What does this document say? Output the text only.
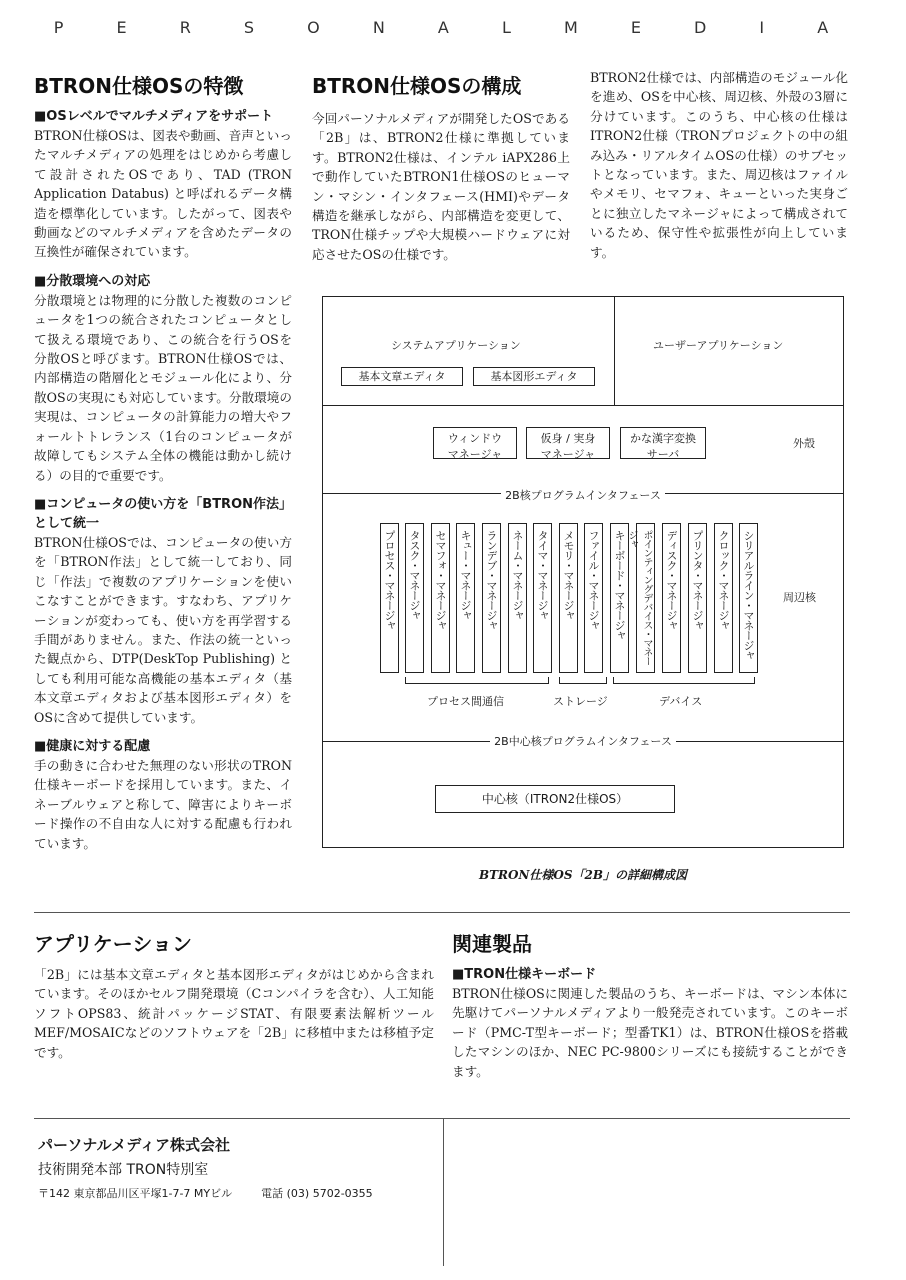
P E R S O N A L M E D I A
BTRON仕様OSの特徴
■OSレベルでマルチメディアをサポート

BTRON仕様OSは、図表や動画、音声といったマルチメディアの処理をはじめから考慮して設計されたOSであり、TAD (TRON Application Databus) と呼ばれるデータ構造を標準化しています。したがって、図表や動画などのマルチメディアを含めたデータの互換性が確保されています。

■分散環境への対応

分散環境とは物理的に分散した複数のコンピュータを1つの統合されたコンピュータとして扱える環境であり、この統合を行うOSを分散OSと呼びます。BTRON仕様OSでは、内部構造の階層化とモジュール化により、分散OSの実現にも対応しています。分散環境の実現は、コンピュータの計算能力の増大やフォールトトレランス（1台のコンピュータが故障してもシステム全体の機能は動かし続ける）の目的で重要です。

■コンピュータの使い方を「BTRON作法」として統一

BTRON仕様OSでは、コンピュータの使い方を「BTRON作法」として統一しており、同じ「作法」で複数のアプリケーションを使いこなすことができます。すなわち、アプリケーションが変わっても、使い方を再学習する手間がありません。また、作法の統一といった観点から、DTP(DeskTop Publishing) としても利用可能な高機能の基本エディタ（基本文章エディタおよび基本図形エディタ）をOSに含めて提供しています。

■健康に対する配慮

手の動きに合わせた無理のない形状のTRON仕様キーボードを採用しています。また、イネーブルウェアと称して、障害によりキーボード操作の不自由な人に対する配慮も行われています。

BTRON仕様OSの構成

今回パーソナルメディアが開発したOSである「2B」は、BTRON2仕様に準拠しています。BTRON2仕様は、インテル iAPX286上で動作していたBTRON1仕様OSのヒューマン・マシン・インタフェース(HMI)やデータ構造を継承しながら、内部構造を変更して、TRON仕様チップや大規模ハードウェアに対応させたOSの仕様です。

BTRON2仕様では、内部構造のモジュール化を進め、OSを中心核、周辺核、外殻の3層に分けています。このうち、中心核の仕様はITRON2仕様（TRONプロジェクトの中の組み込み・リアルタイムOSの仕様）のサブセットとなっています。また、周辺核はファイルやメモリ、セマフォ、キューといった実身ごとに独立したマネージャによって構成されているため、保守性や拡張性が向上しています。

システムアプリケーション	ユーザーアプリケーション
基本文章エディタ	基本図形エディタ
ウィンドウ
マネージャ
仮身 / 実身
マネージャ
かな漢字変換
サーバ
外殻
2B核プログラムインタフェース
プロセス・マネージャ タスク・マネージャ セマフォ・マネージャ キュー・マネージャ ランデブ・マネージャ ネーム・マネージャ タイマ・マネージャ メモリ・マネージャ ファイル・マネージャ キーボード・マネージャ	ポインティングデバイス・マネージャ	ディスク・マネージャ プリンタ・マネージャ クロック・マネージャ シリアルライン・マネージャ	周辺核
プロセス間通信	ストレージ	デバイス
2B中心核プログラムインタフェース
中心核（ITRON2仕様OS）
BTRON仕様OS「2B」の詳細構成図
アプリケーション

「2B」には基本文章エディタと基本図形エディタがはじめから含まれています。そのほかセルフ開発環境（Cコンパイラを含む）、人工知能ソフトOPS83、統計パッケージSTAT、有限要素法解析ツールMEF/MOSAICなどのソフトウェアを「2B」に移植中または移植予定です。

関連製品
■TRON仕様キーボード

BTRON仕様OSに関連した製品のうち、キーボードは、マシン本体に先駆けてパーソナルメディアより一般発売されています。このキーボード（PMC-T型キーボード；型番TK1）は、BTRON仕様OSを搭載したマシンのほか、NEC PC-9800シリーズにも接続することができます。

パーソナルメディア株式会社
技術開発本部 TRON特別室
〒142 東京都品川区平塚1-7-7 MYビル	電話 (03) 5702-0355
